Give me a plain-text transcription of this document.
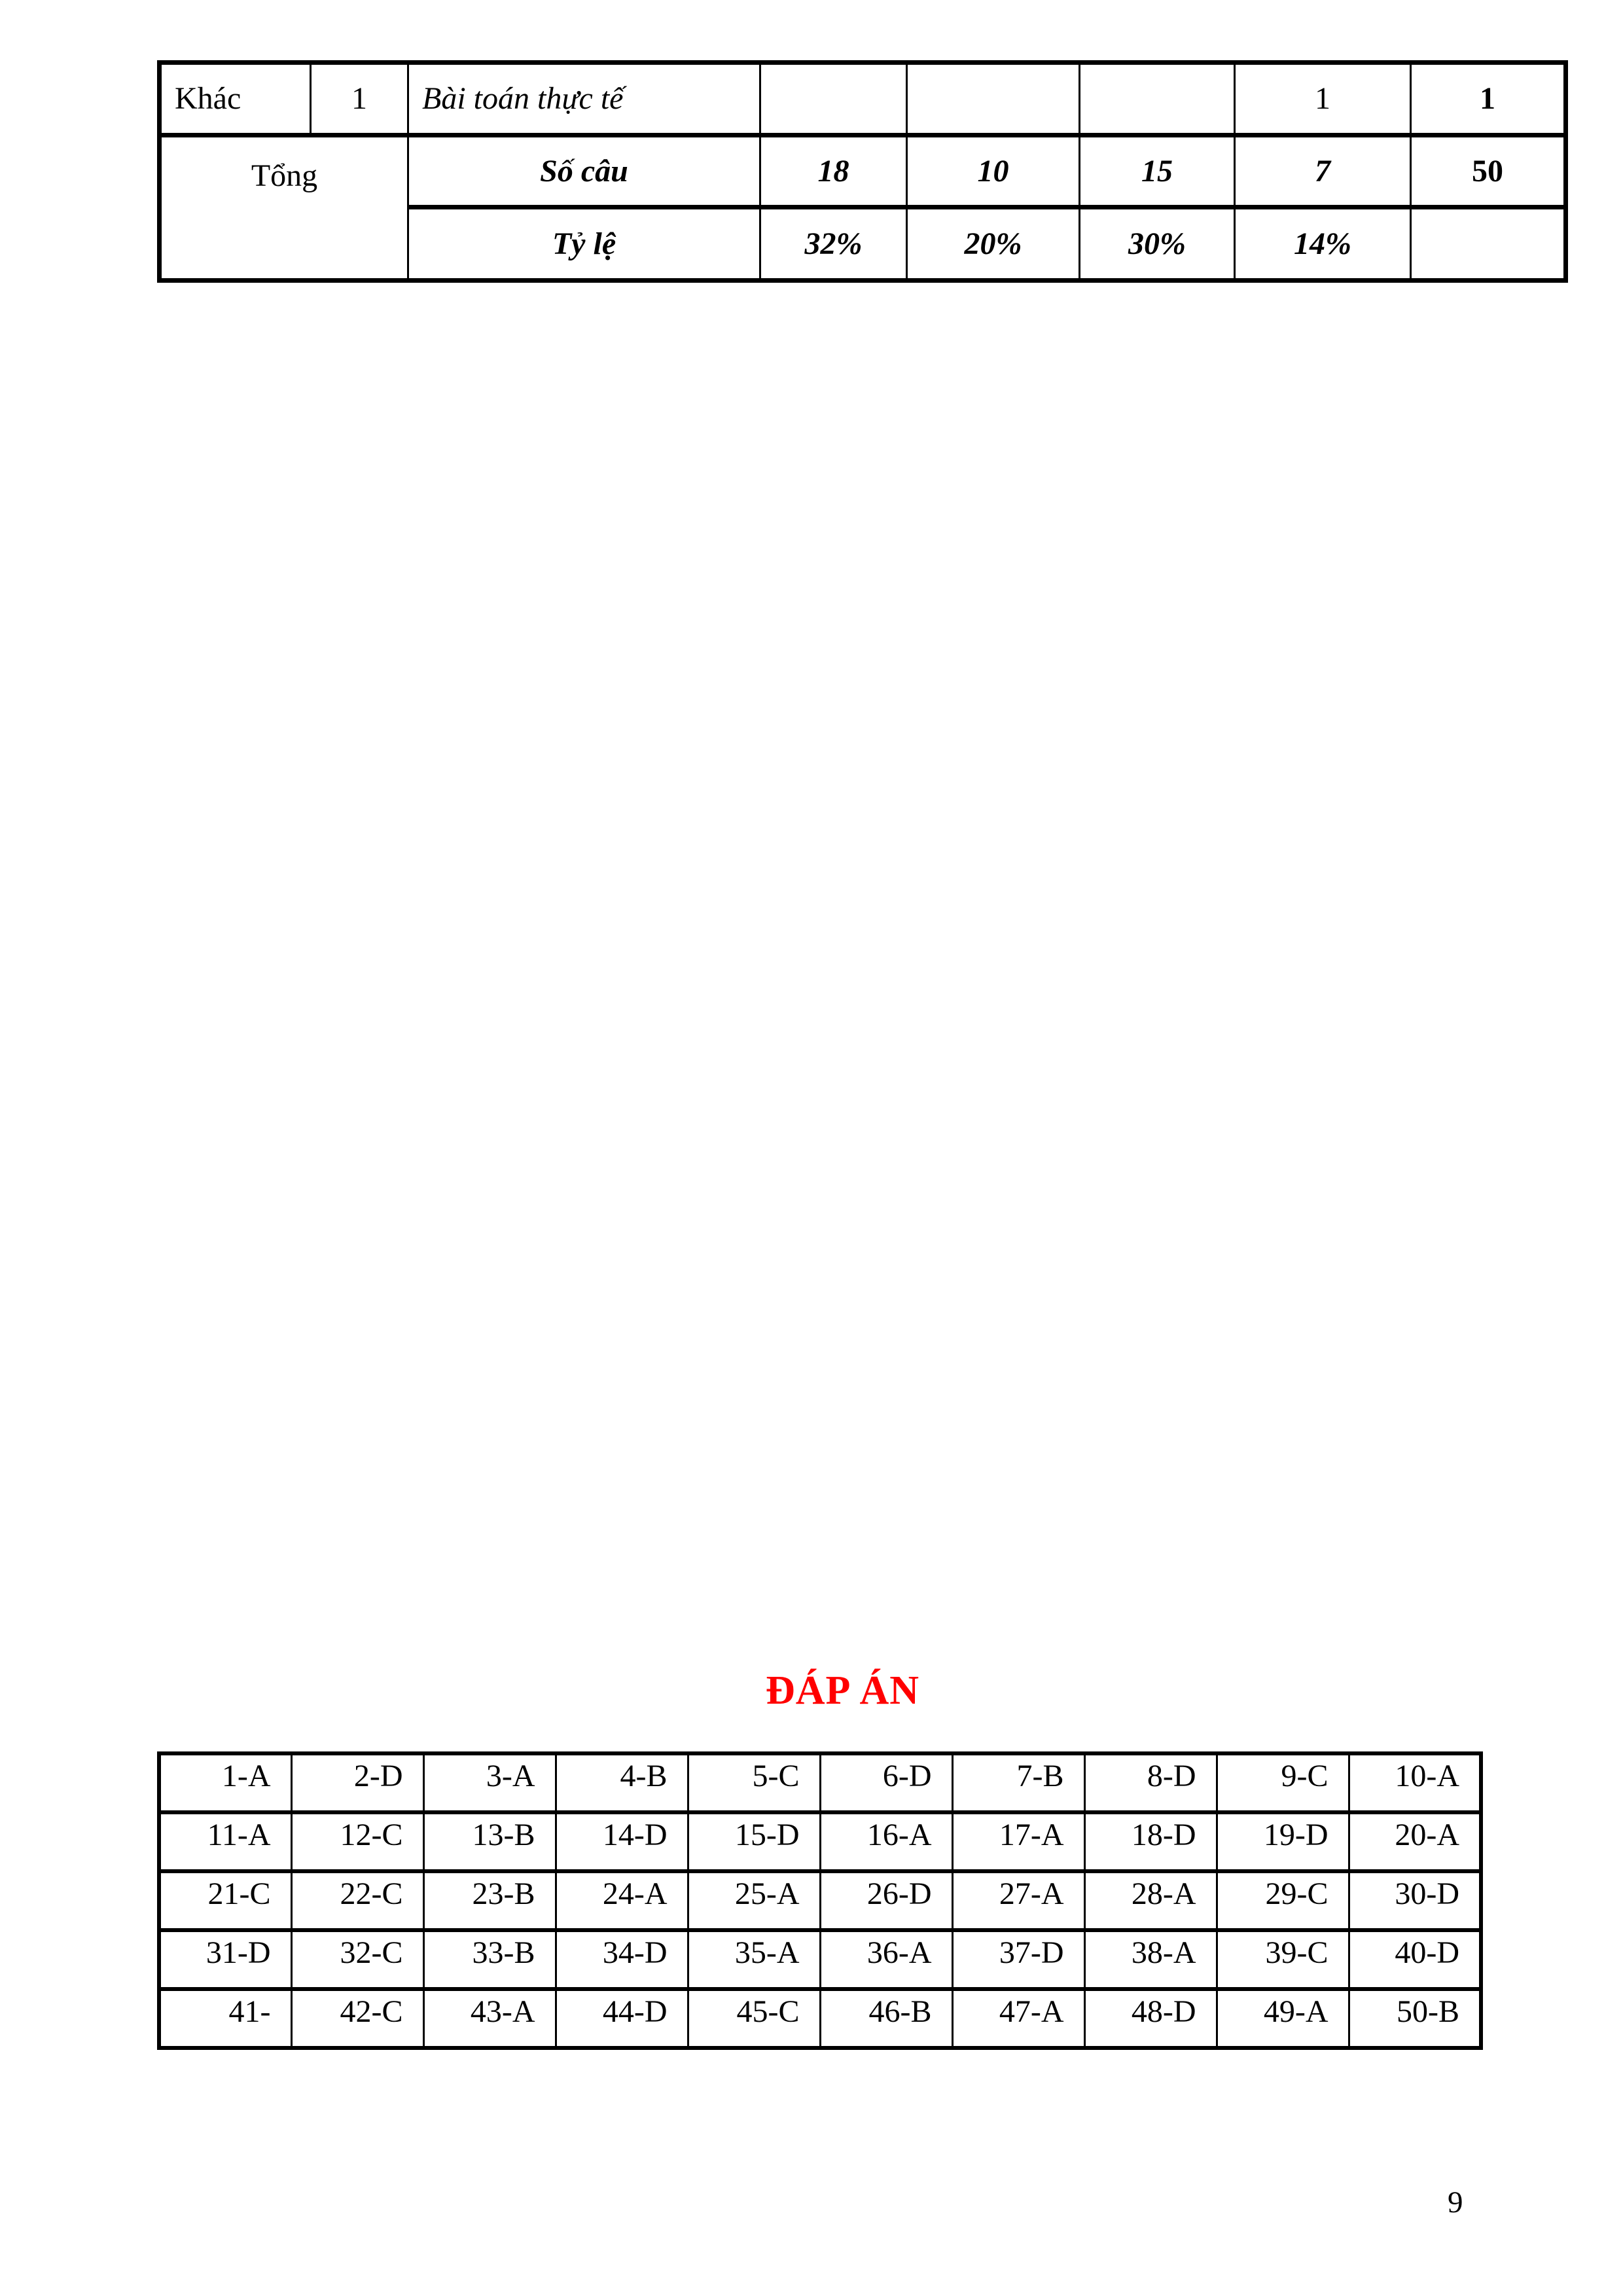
Khác	1	Bài toán thực tế				1	1

Tổng		Số câu	18	10	15	7	50
		Tỷ lệ	32%	20%	30%	14%	
ĐÁP ÁN
1-A	2-D	3-A	4-B	5-C	6-D	7-B	8-D	9-C	10-A
11-A	12-C	13-B	14-D	15-D	16-A	17-A	18-D	19-D	20-A
21-C	22-C	23-B	24-A	25-A	26-D	27-A	28-A	29-C	30-D
31-D	32-C	33-B	34-D	35-A	36-A	37-D	38-A	39-C	40-D
41-	42-C	43-A	44-D	45-C	46-B	47-A	48-D	49-A	50-B
9
